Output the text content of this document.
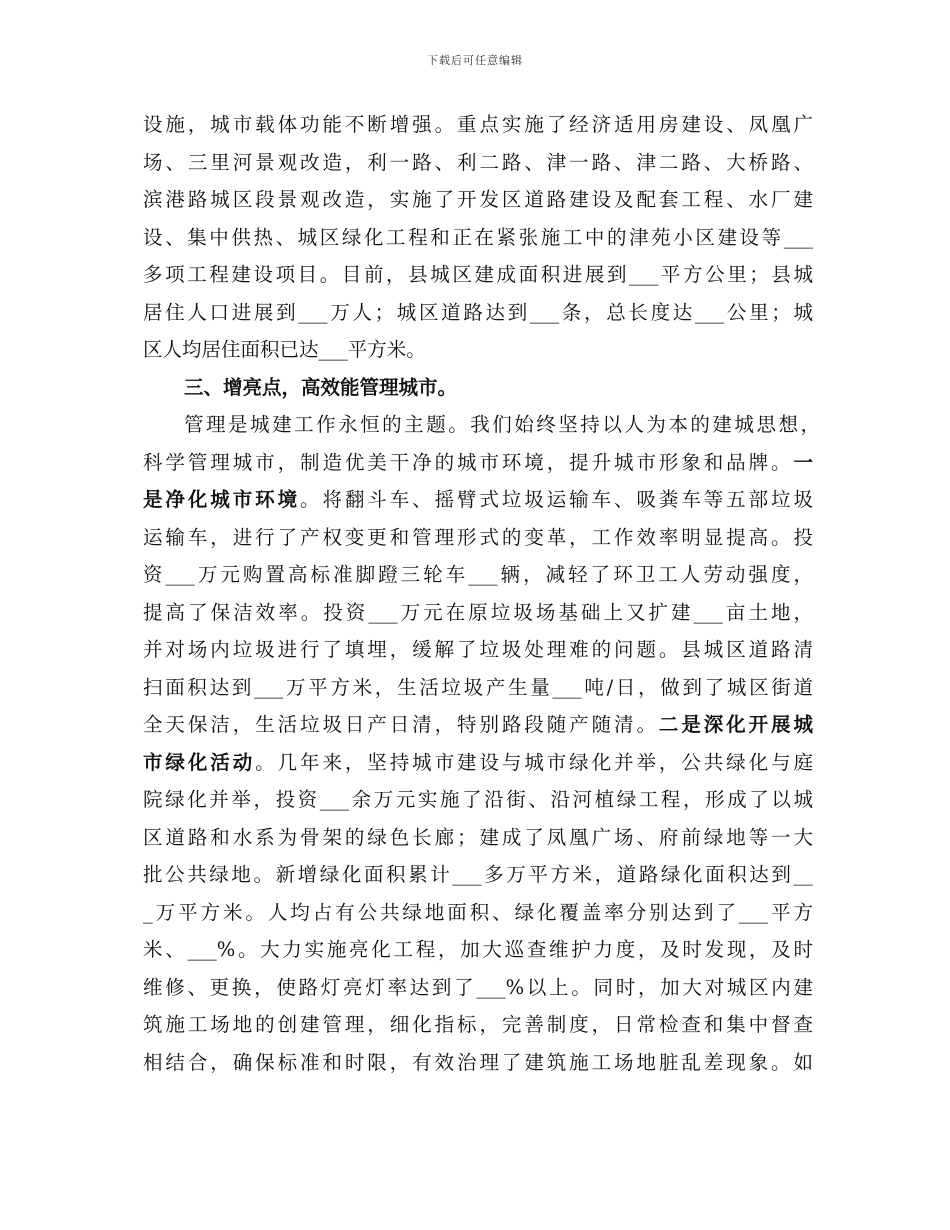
下载后可任意编辑
设施，城市载体功能不断增强。重点实施了经济适用房建设、凤凰广
场、三里河景观改造，利一路、利二路、津一路、津二路、大桥路、
滨港路城区段景观改造，实施了开发区道路建设及配套工程、水厂建
设、集中供热、城区绿化工程和正在紧张施工中的津苑小区建设等___
多项工程建设项目。目前，县城区建成面积进展到___平方公里；县城
居住人口进展到___万人；城区道路达到___条，总长度达___公里；城
区人均居住面积已达___平方米。
三、增亮点，高效能管理城市。
管理是城建工作永恒的主题。我们始终坚持以人为本的建城思想，
科学管理城市，制造优美干净的城市环境，提升城市形象和品牌。一
是净化城市环境。将翻斗车、摇臂式垃圾运输车、吸粪车等五部垃圾
运输车，进行了产权变更和管理形式的变革，工作效率明显提高。投
资___万元购置高标准脚蹬三轮车___辆，减轻了环卫工人劳动强度，
提高了保洁效率。投资___万元在原垃圾场基础上又扩建___亩土地，
并对场内垃圾进行了填埋，缓解了垃圾处理难的问题。县城区道路清
扫面积达到___万平方米，生活垃圾产生量___吨/日，做到了城区街道
全天保洁，生活垃圾日产日清，特别路段随产随清。二是深化开展城
市绿化活动。几年来，坚持城市建设与城市绿化并举，公共绿化与庭
院绿化并举，投资___余万元实施了沿街、沿河植绿工程，形成了以城
区道路和水系为骨架的绿色长廊；建成了凤凰广场、府前绿地等一大
批公共绿地。新增绿化面积累计___多万平方米，道路绿化面积达到__
_万平方米。人均占有公共绿地面积、绿化覆盖率分别达到了___平方
米、___%。大力实施亮化工程，加大巡查维护力度，及时发现，及时
维修、更换，使路灯亮灯率达到了___%以上。同时，加大对城区内建
筑施工场地的创建管理，细化指标，完善制度，日常检查和集中督查
相结合，确保标准和时限，有效治理了建筑施工场地脏乱差现象。如
